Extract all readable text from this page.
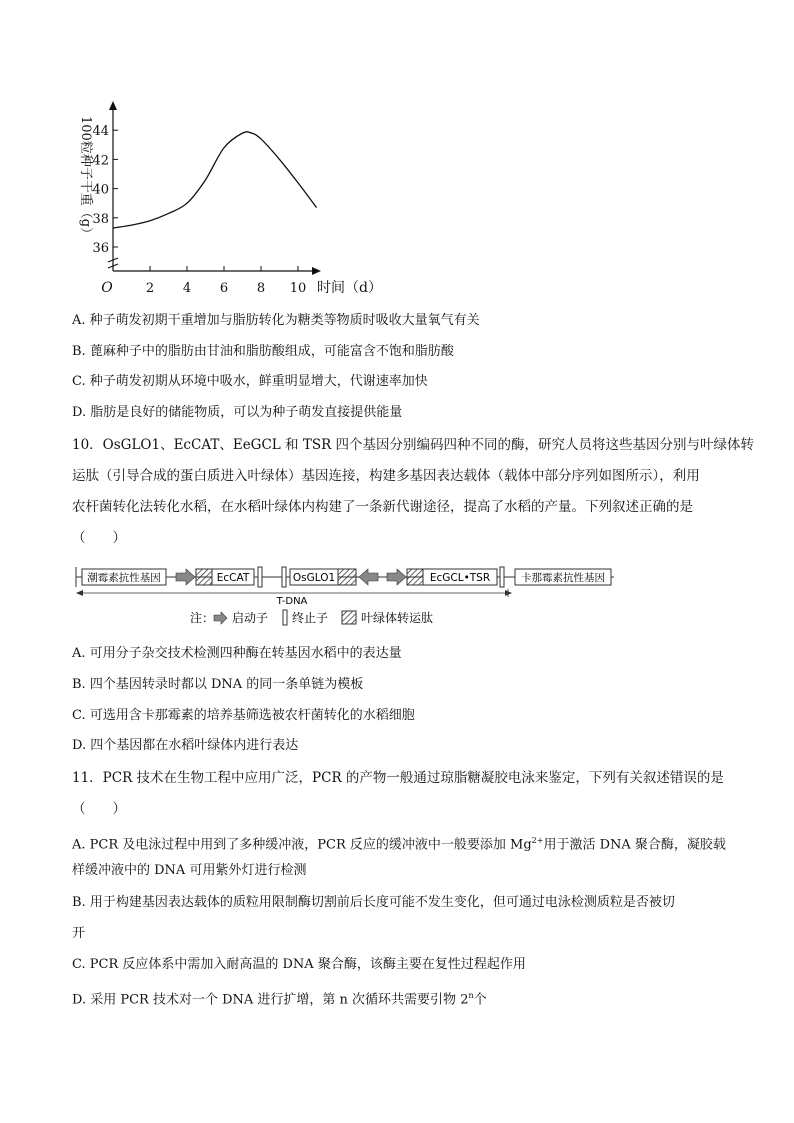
36
38
40
42
44
2 4 6 8 10
O	时间（d）
100粒种子干重（g）
A. 种子萌发初期干重增加与脂肪转化为糖类等物质时吸收大量氧气有关
B. 蓖麻种子中的脂肪由甘油和脂肪酸组成，可能富含不饱和脂肪酸
C. 种子萌发初期从环境中吸水，鲜重明显增大，代谢速率加快
D. 脂肪是良好的储能物质，可以为种子萌发直接提供能量
10．OsGLO1、EcCAT、EeGCL 和 TSR 四个基因分别编码四种不同的酶，研究人员将这些基因分别与叶绿体转
运肽（引导合成的蛋白质进入叶绿体）基因连接，构建多基因表达载体（载体中部分序列如图所示），利用
农杆菌转化法转化水稻，在水稻叶绿体内构建了一条新代谢途径，提高了水稻的产量。下列叙述正确的是
（　　）
潮霉素抗性基因	EcCAT	OsGLO1	EcGCL•TSR	卡那霉素抗性基因
T-DNA
注： 启动子 终止子	叶绿体转运肽
A. 可用分子杂交技术检测四种酶在转基因水稻中的表达量
B. 四个基因转录时都以 DNA 的同一条单链为模板
C. 可选用含卡那霉素的培养基筛选被农杆菌转化的水稻细胞
D. 四个基因都在水稻叶绿体内进行表达
11．PCR 技术在生物工程中应用广泛，PCR 的产物一般通过琼脂糖凝胶电泳来鉴定，下列有关叙述错误的是
（　　）
A. PCR 及电泳过程中用到了多种缓冲液，PCR 反应的缓冲液中一般要添加 $Mg^{2+}$用于激活 DNA 聚合酶，凝胶载
样缓冲液中的 DNA 可用紫外灯进行检测
B. 用于构建基因表达载体的质粒用限制酶切割前后长度可能不发生变化，但可通过电泳检测质粒是否被切
开
C. PCR 反应体系中需加入耐高温的 DNA 聚合酶，该酶主要在复性过程起作用
D. 采用 PCR 技术对一个 DNA 进行扩增，第 n 次循环共需要引物 2$^n$个
